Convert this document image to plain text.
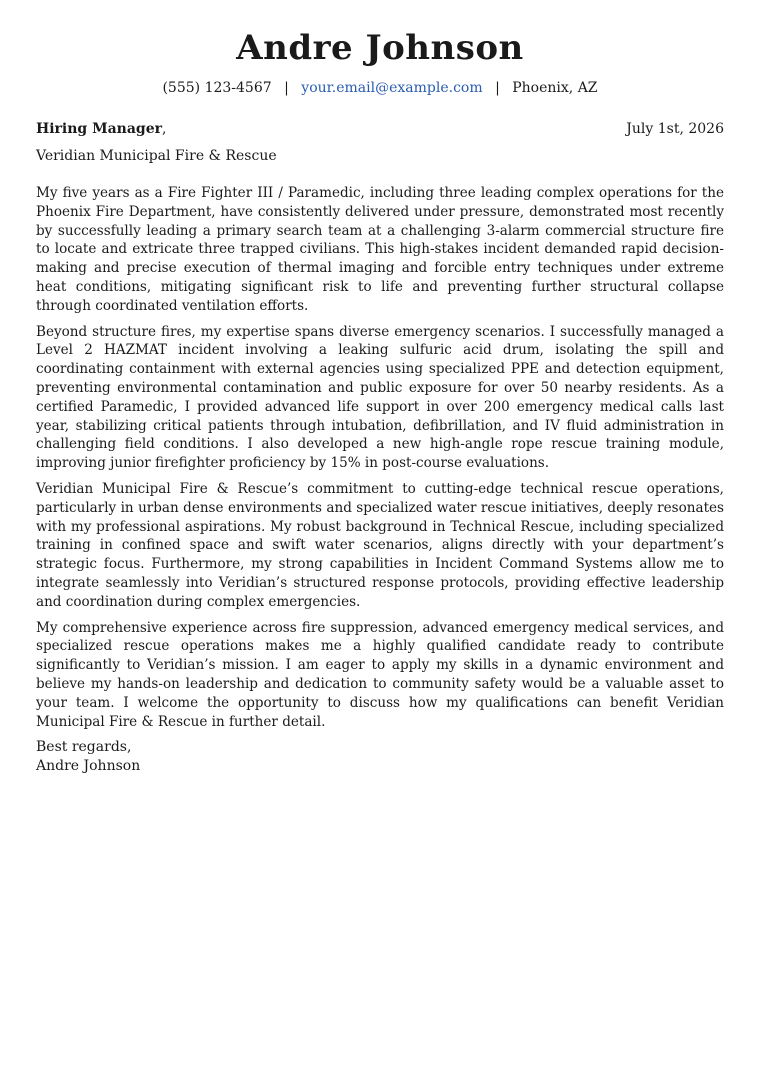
Andre Johnson
(555) 123-4567 | your.email@example.com | Phoenix, AZ
Hiring Manager,	July 1st, 2026
Veridian Municipal Fire & Rescue

My five years as a Fire Fighter III / Paramedic, including three leading complex operations for the Phoenix Fire Department, have consistently delivered under pressure, demonstrated most recently by successfully leading a primary search team at a challenging 3-alarm commercial structure fire to locate and extricate three trapped civilians. This high-stakes incident demanded rapid decision-making and precise execution of thermal imaging and forcible entry techniques under extreme heat conditions, mitigating significant risk to life and preventing further structural collapse through coordinated ventilation efforts.

Beyond structure fires, my expertise spans diverse emergency scenarios. I successfully managed a Level 2 HAZMAT incident involving a leaking sulfuric acid drum, isolating the spill and coordinating containment with external agencies using specialized PPE and detection equipment, preventing environmental contamination and public exposure for over 50 nearby residents. As a certified Paramedic, I provided advanced life support in over 200 emergency medical calls last year, stabilizing critical patients through intubation, defibrillation, and IV fluid administration in challenging field conditions. I also developed a new high-angle rope rescue training module, improving junior firefighter proficiency by 15% in post-course evaluations.

Veridian Municipal Fire & Rescue’s commitment to cutting-edge technical rescue operations, particularly in urban dense environments and specialized water rescue initiatives, deeply resonates with my professional aspirations. My robust background in Technical Rescue, including specialized training in confined space and swift water scenarios, aligns directly with your department’s strategic focus. Furthermore, my strong capabilities in Incident Command Systems allow me to integrate seamlessly into Veridian’s structured response protocols, providing effective leadership and coordination during complex emergencies.

My comprehensive experience across fire suppression, advanced emergency medical services, and specialized rescue operations makes me a highly qualified candidate ready to contribute significantly to Veridian’s mission. I am eager to apply my skills in a dynamic environment and believe my hands-on leadership and dedication to community safety would be a valuable asset to your team. I welcome the opportunity to discuss how my qualifications can benefit Veridian Municipal Fire & Rescue in further detail.

Best regards,
Andre Johnson
